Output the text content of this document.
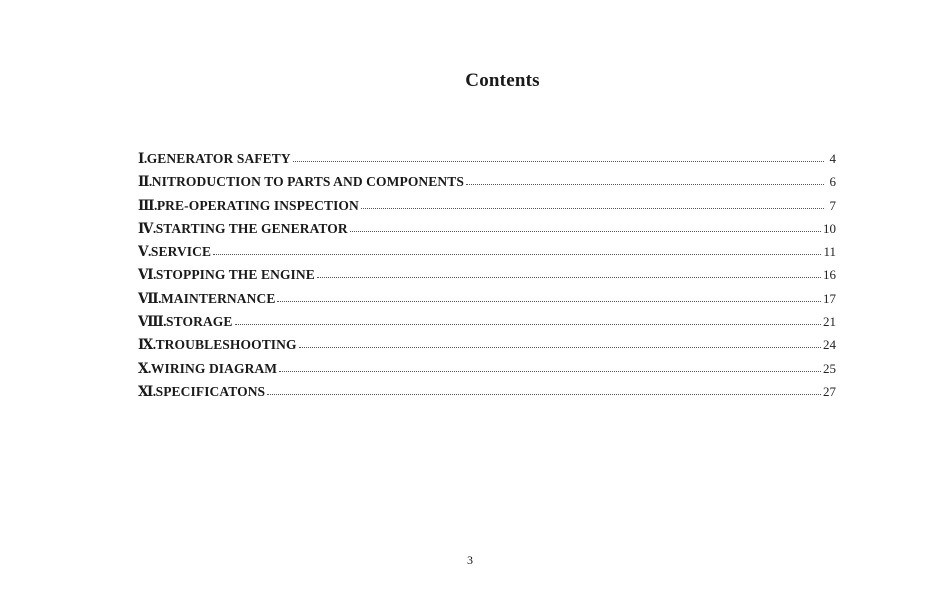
Contents
Ⅰ. GENERATOR SAFETY	4
Ⅱ. NITRODUCTION TO PARTS AND COMPONENTS	6
Ⅲ. PRE-OPERATING INSPECTION	7
Ⅳ. STARTING THE GENERATOR	10
Ⅴ. SERVICE	11
Ⅵ. STOPPING THE ENGINE	16
Ⅶ. MAINTERNANCE	17
Ⅷ. STORAGE	21
Ⅸ. TROUBLESHOOTING	24
Ⅹ. WIRING DIAGRAM	25
Ⅺ. SPECIFICATONS	27
3
